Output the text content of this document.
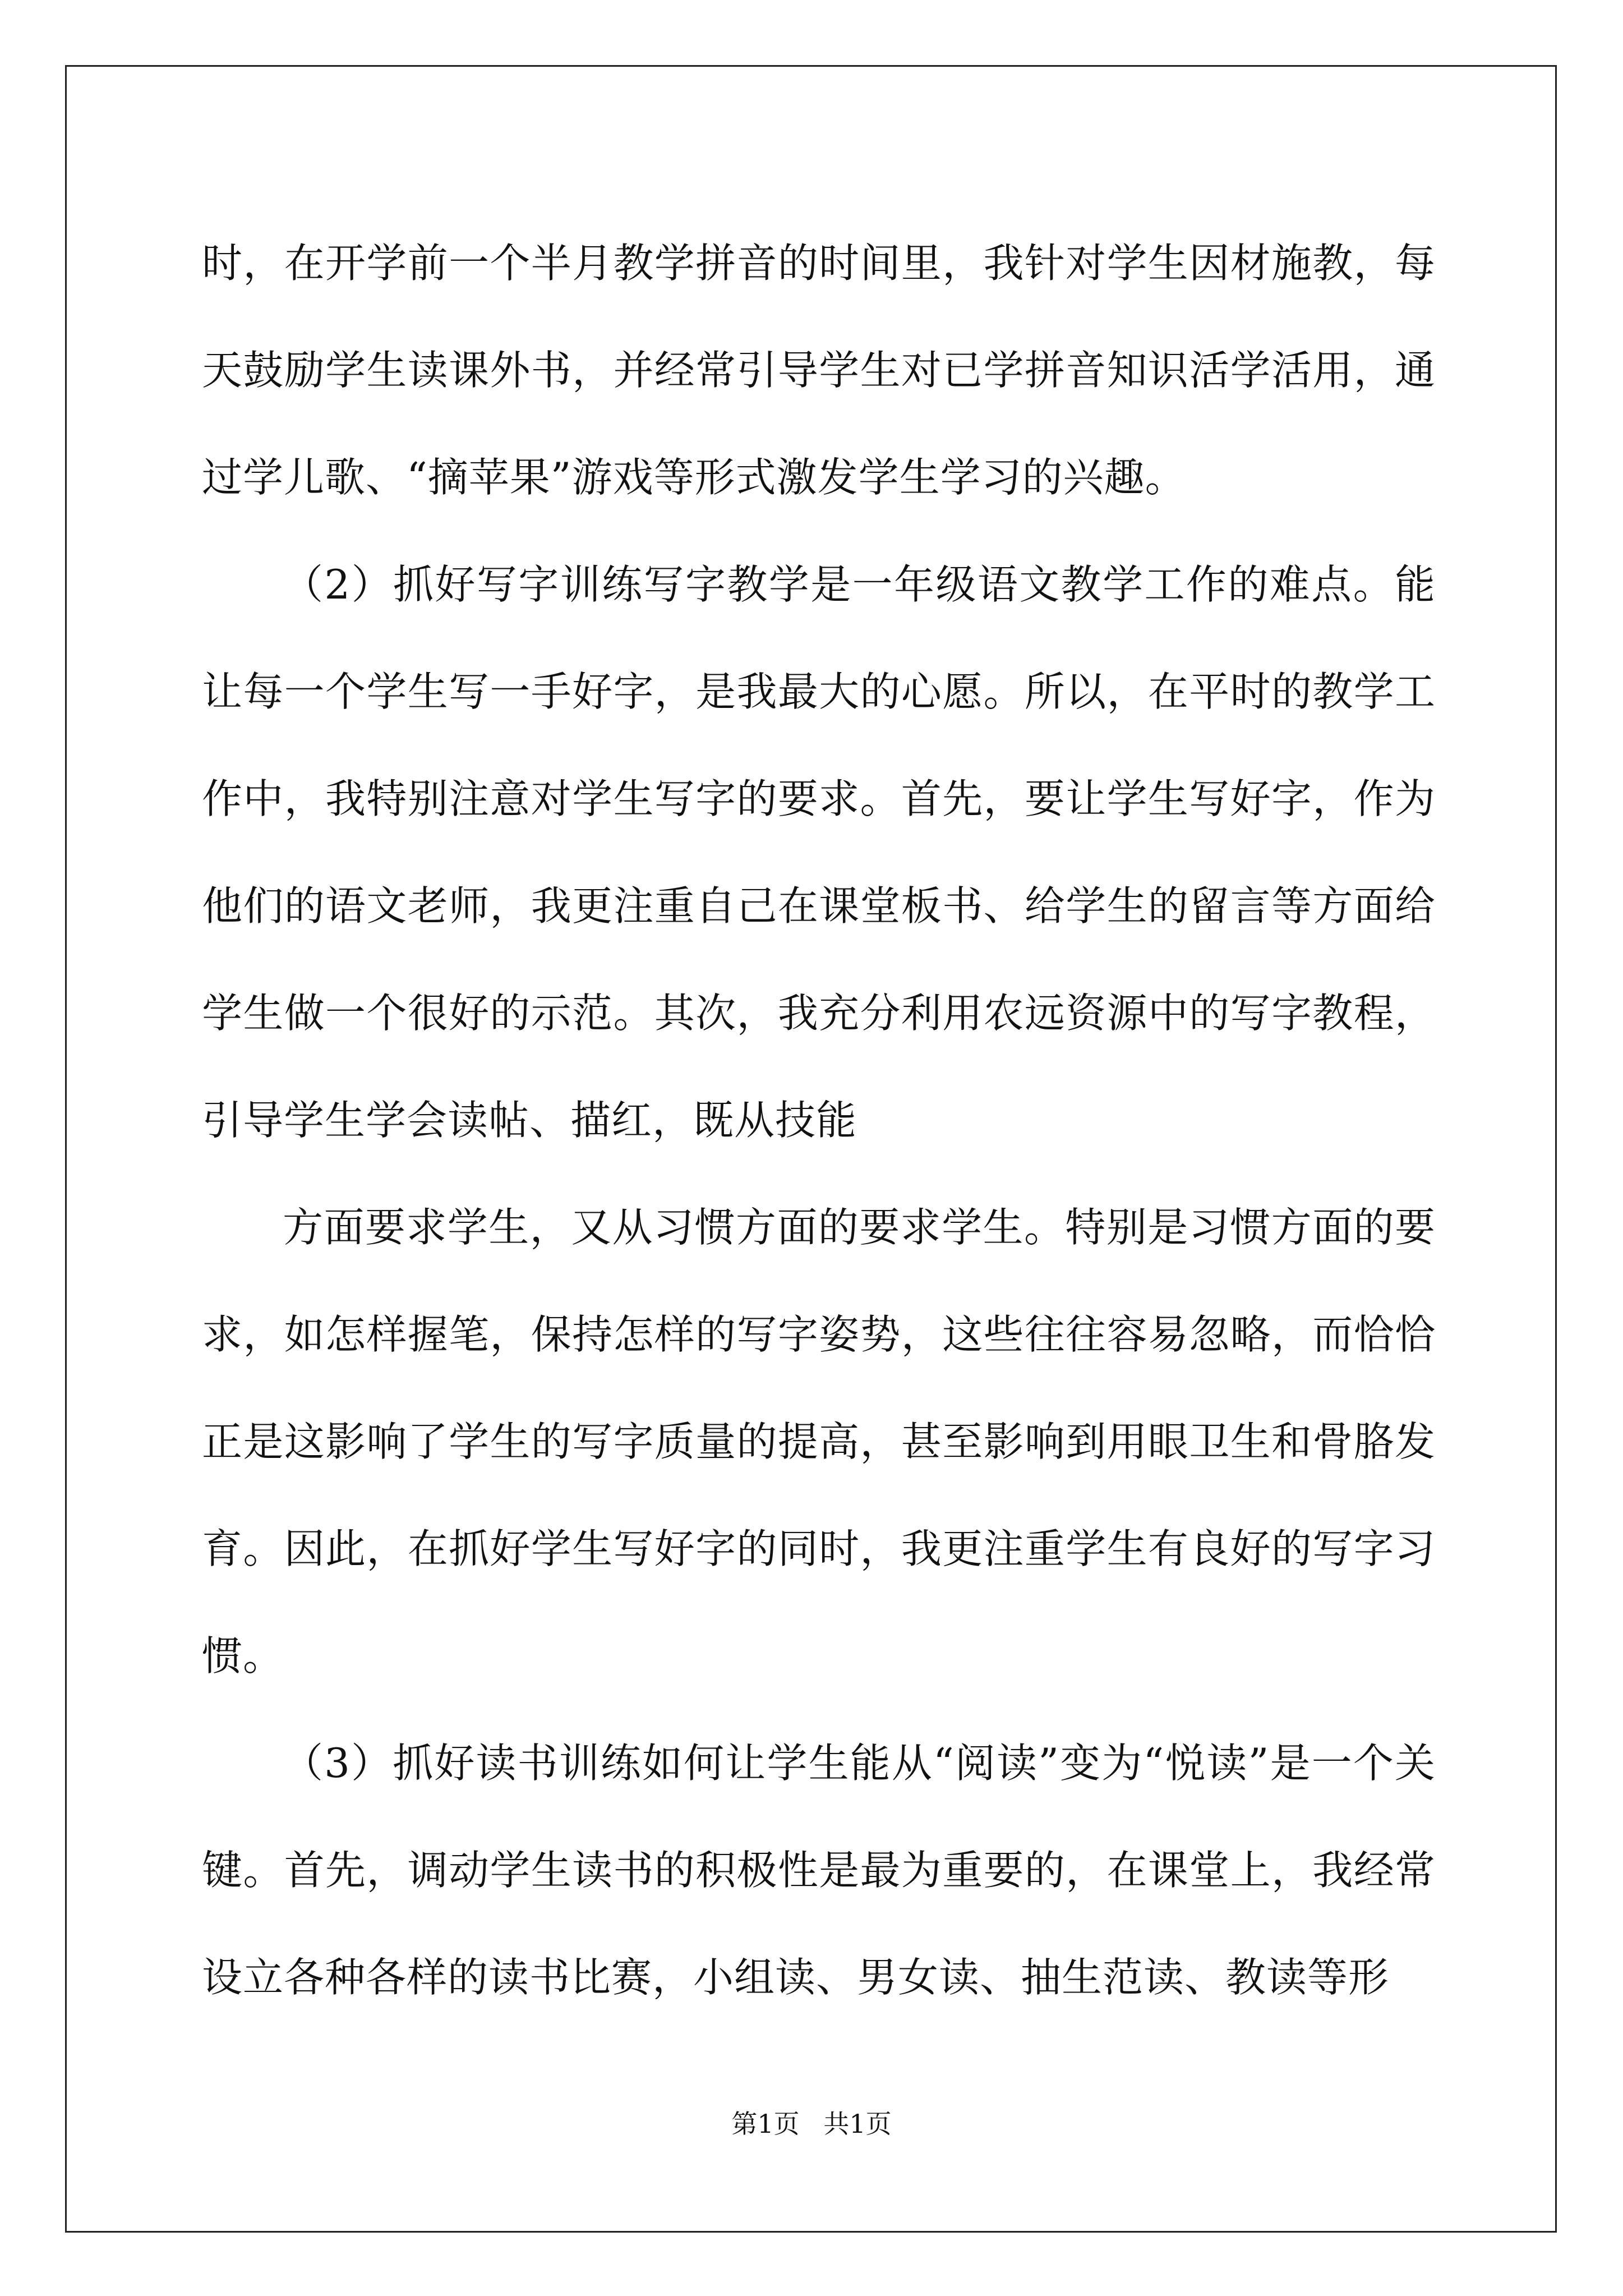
时，在开学前一个半月教学拼音的时间里，我针对学生因材施教，每天鼓励学生读课外书，并经常引导学生对已学拼音知识活学活用，通过学儿歌、“摘苹果”游戏等形式激发学生学习的兴趣。

（2）抓好写字训练写字教学是一年级语文教学工作的难点。能让每一个学生写一手好字，是我最大的心愿。所以，在平时的教学工作中，我特别注意对学生写字的要求。首先，要让学生写好字，作为他们的语文老师，我更注重自己在课堂板书、给学生的留言等方面给学生做一个很好的示范。其次，我充分利用农远资源中的写字教程，引导学生学会读帖、描红，既从技能

方面要求学生，又从习惯方面的要求学生。特别是习惯方面的要求，如怎样握笔，保持怎样的写字姿势，这些往往容易忽略，而恰恰正是这影响了学生的写字质量的提高，甚至影响到用眼卫生和骨胳发育。因此，在抓好学生写好字的同时，我更注重学生有良好的写字习惯。

（3）抓好读书训练如何让学生能从“阅读”变为“悦读”是一个关键。首先，调动学生读书的积极性是最为重要的，在课堂上，我经常设立各种各样的读书比赛，小组读、男女读、抽生范读、教读等形

第1页 共1页
